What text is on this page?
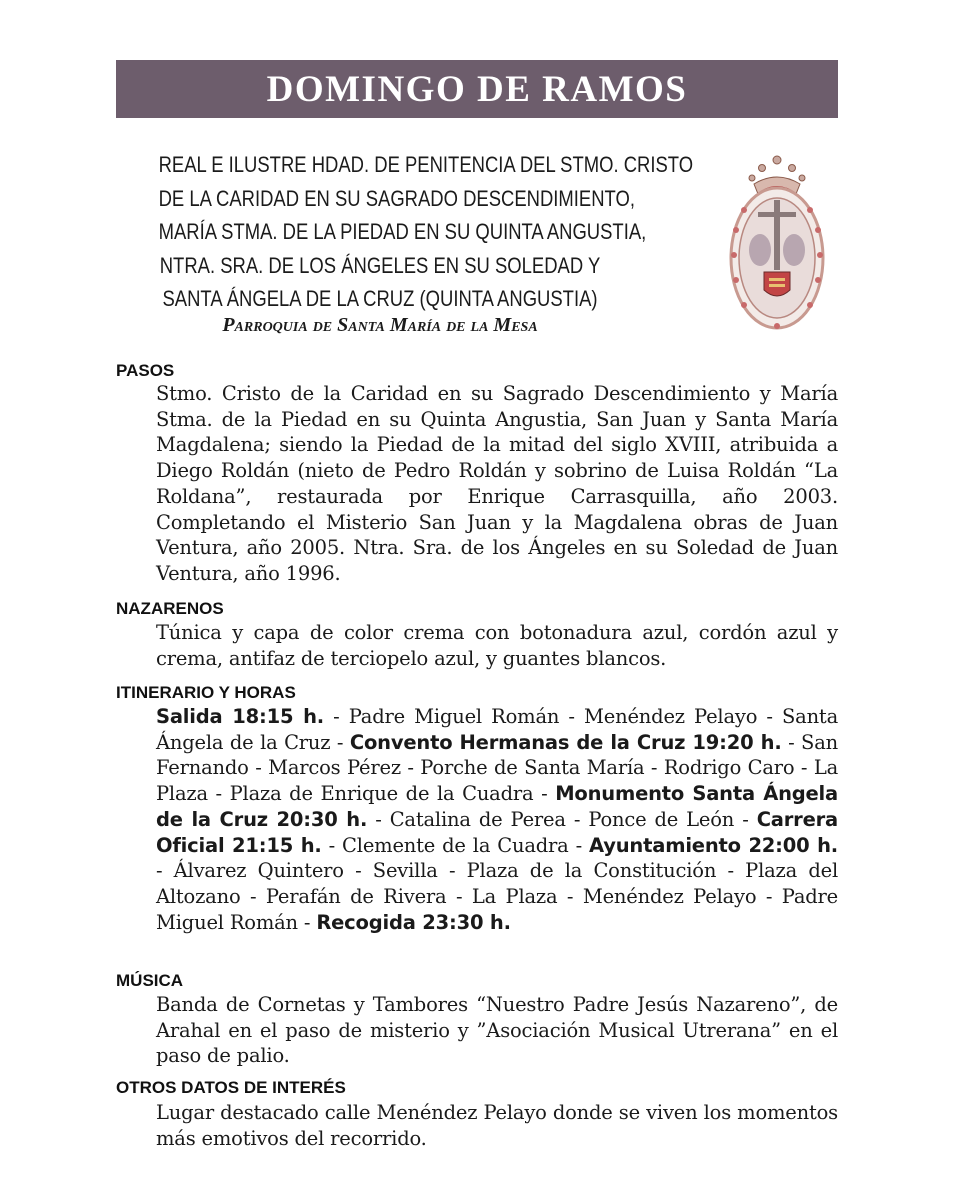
DOMINGO DE RAMOS
REAL E ILUSTRE HDAD. DE PENITENCIA DEL STMO. CRISTO
DE LA CARIDAD EN SU SAGRADO DESCENDIMIENTO,
MARÍA STMA. DE LA PIEDAD EN SU QUINTA ANGUSTIA,
NTRA. SRA. DE LOS ÁNGELES EN SU SOLEDAD Y
SANTA ÁNGELA DE LA CRUZ (QUINTA ANGUSTIA)
Parroquia de Santa María de la Mesa
PASOS
Stmo. Cristo de la Caridad en su Sagrado Descendimiento y María Stma. de la Piedad en su Quinta Angustia, San Juan y Santa María Magdalena; siendo la Piedad de la mitad del siglo XVIII, atribuida a Diego Roldán (nieto de Pedro Roldán y sobrino de Luisa Roldán “La Roldana”, restaurada por Enrique Carrasquilla, año 2003. Completando el Misterio San Juan y la Magdalena obras de Juan Ventura, año 2005. Ntra. Sra. de los Ángeles en su Soledad de Juan Ventura, año 1996.
NAZARENOS
Túnica y capa de color crema con botonadura azul, cordón azul y crema, antifaz de terciopelo azul, y guantes blancos.
ITINERARIO Y HORAS
Salida 18:15 h. - Padre Miguel Román - Menéndez Pelayo - Santa Ángela de la Cruz - Convento Hermanas de la Cruz 19:20 h. - San Fernando - Marcos Pérez - Porche de Santa María - Rodrigo Caro - La Plaza - Plaza de Enrique de la Cuadra - Monumento Santa Ángela de la Cruz 20:30 h. - Catalina de Perea - Ponce de León - Carrera Oficial 21:15 h. - Clemente de la Cuadra - Ayuntamiento 22:00 h. - Álvarez Quintero - Sevilla - Plaza de la Constitución - Plaza del Altozano - Perafán de Rivera - La Plaza - Menéndez Pelayo - Padre Miguel Román - Recogida 23:30 h.
MÚSICA
Banda de Cornetas y Tambores “Nuestro Padre Jesús Nazareno”, de Arahal en el paso de misterio y ”Asociación Musical Utrerana” en el paso de palio.
OTROS DATOS DE INTERÉS
Lugar destacado calle Menéndez Pelayo donde se viven los momentos más emotivos del recorrido.
